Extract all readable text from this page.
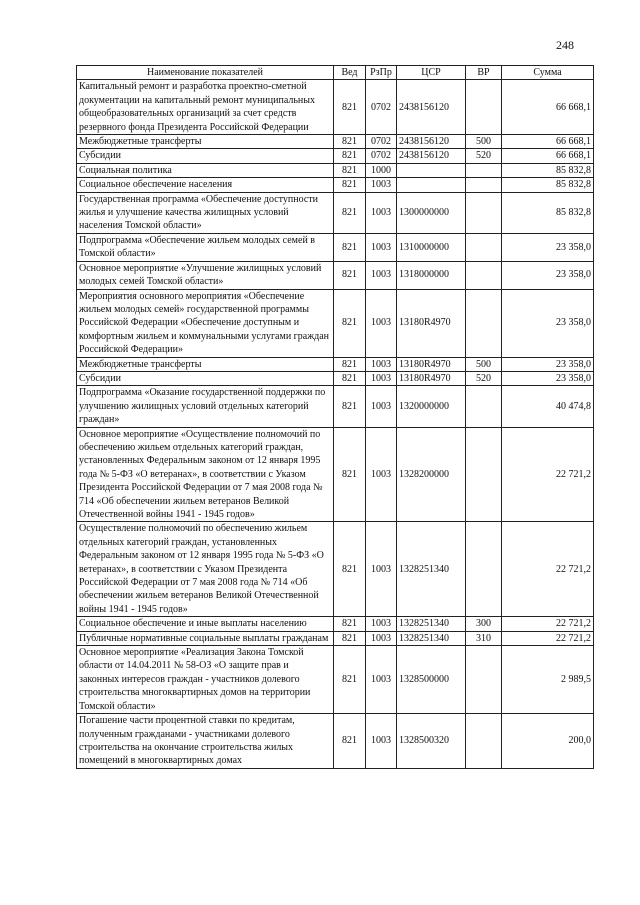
248
Наименование показателей	Вед	РзПр	ЦСР	ВР	Сумма
Капитальный ремонт и разработка проектно-сметной документации на капитальный ремонт муниципальных общеобразовательных организаций за счет средств резервного фонда Президента Российской Федерации	821	0702	2438156120		66 668,1
Межбюджетные трансферты	821	0702	2438156120	500	66 668,1
Субсидии	821	0702	2438156120	520	66 668,1
Социальная политика	821	1000			85 832,8
Социальное обеспечение населения	821	1003			85 832,8
Государственная программа «Обеспечение доступности жилья и улучшение качества жилищных условий населения Томской области»	821	1003	1300000000		85 832,8
Подпрограмма «Обеспечение жильем молодых семей в Томской области»	821	1003	1310000000		23 358,0
Основное мероприятие «Улучшение жилищных условий молодых семей Томской области»	821	1003	1318000000		23 358,0
Мероприятия основного мероприятия «Обеспечение жильем молодых семей» государственной программы Российской Федерации «Обеспечение доступным и комфортным жильем и коммунальными услугами граждан Российской Федерации»	821	1003	13180R4970		23 358,0
Межбюджетные трансферты	821	1003	13180R4970	500	23 358,0
Субсидии	821	1003	13180R4970	520	23 358,0
Подпрограмма «Оказание государственной поддержки по улучшению жилищных условий отдельных категорий граждан»	821	1003	1320000000		40 474,8
Основное мероприятие «Осуществление полномочий по обеспечению жильем отдельных категорий граждан, установленных Федеральным законом от 12 января 1995 года № 5-ФЗ «О ветеранах», в соответствии с Указом Президента Российской Федерации от 7 мая 2008 года № 714 «Об обеспечении жильем ветеранов Великой Отечественной войны 1941 - 1945 годов»	821	1003	1328200000		22 721,2
Осуществление полномочий по обеспечению жильем отдельных категорий граждан, установленных Федеральным законом от 12 января 1995 года № 5-ФЗ «О ветеранах», в соответствии с Указом Президента Российской Федерации от 7 мая 2008 года № 714 «Об обеспечении жильем ветеранов Великой Отечественной войны 1941 - 1945 годов»	821	1003	1328251340		22 721,2
Социальное обеспечение и иные выплаты населению	821	1003	1328251340	300	22 721,2
Публичные нормативные социальные выплаты гражданам	821	1003	1328251340	310	22 721,2
Основное мероприятие «Реализация Закона Томской области от 14.04.2011 № 58-ОЗ «О защите прав и законных интересов граждан - участников долевого строительства многоквартирных домов на территории Томской области»	821	1003	1328500000		2 989,5
Погашение части процентной ставки по кредитам, полученным гражданами - участниками долевого строительства на окончание строительства жилых помещений в многоквартирных домах	821	1003	1328500320		200,0
